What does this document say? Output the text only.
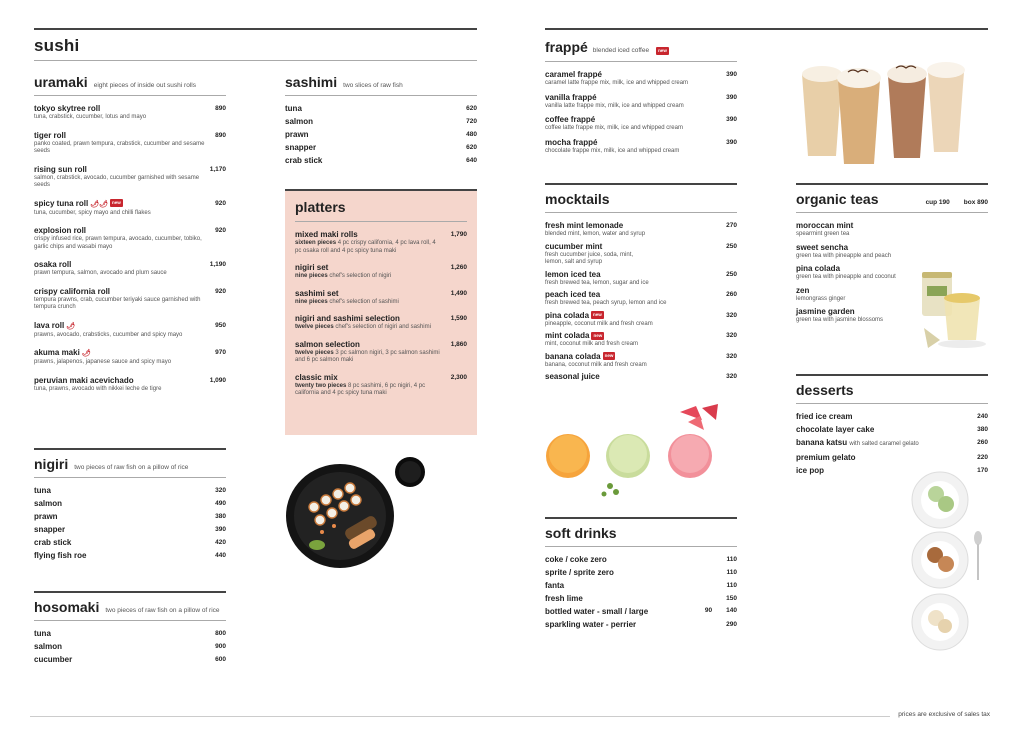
sushi
uramaki eight pieces of inside out sushi rolls
tokyo skytree roll
tuna, crabstick, cucumber, lotus and mayo
890
tiger roll
panko coated, prawn tempura, crabstick, cucumber and sesame seeds
890
rising sun roll
salmon, crabstick, avocado, cucumber garnished with sesame seeds
1,170
spicy tuna roll 🌶🌶 new
tuna, cucumber, spicy mayo and chilli flakes
920
explosion roll
crispy infused rice, prawn tempura, avocado, cucumber, tobiko, garlic chips and wasabi mayo
920
osaka roll
prawn tempura, salmon, avocado and plum sauce
1,190
crispy california roll
tempura prawns, crab, cucumber teriyaki sauce garnished with tempura crunch
920
lava roll 🌶
prawns, avocado, crabsticks, cucumber and spicy mayo
950
akuma maki 🌶
prawns, jalapenos, japanese sauce and spicy mayo
970
peruvian maki acevichado
tuna, prawns, avocado with nikkei leche de tigre
1,090
nigiri two pieces of raw fish on a pillow of rice
tuna	320
salmon	490
prawn	380
snapper	390
crab stick	420
flying fish roe	440
hosomaki two pieces of raw fish on a pillow of rice
tuna	800
salmon	900
cucumber	600
sashimi two slices of raw fish
tuna	620
salmon	720
prawn	480
snapper	620
crab stick	640
platters
mixed maki rolls
sixteen pieces 4 pc crispy california, 4 pc lava roll, 4 pc osaka roll and 4 pc spicy tuna maki
1,790
nigiri set
nine pieces chef's selection of nigiri
1,260
sashimi set
nine pieces chef's selection of sashimi
1,490
nigiri and sashimi selection
twelve pieces chef's selection of nigiri and sashimi
1,590
salmon selection
twelve pieces 3 pc salmon nigiri, 3 pc salmon sashimi and 6 pc salmon maki
1,860
classic mix
twenty two pieces 8 pc sashimi, 6 pc nigiri, 4 pc california and 4 pc spicy tuna maki
2,300
frappé blended iced coffee	new
caramel frappé
caramel latte frappe mix, milk, ice and whipped cream
390
vanilla frappé
vanilla latte frappe mix, milk, ice and whipped cream
390
coffee frappé
coffee latte frappe mix, milk, ice and whipped cream
390
mocha frappé
chocolate frappe mix, milk, ice and whipped cream
390
mocktails
fresh mint lemonade
blended mint, lemon, water and syrup
270
cucumber mint
fresh cucumber juice, soda, mint, lemon, salt and syrup
250
lemon iced tea
fresh brewed tea, lemon, sugar and ice
250
peach iced tea
fresh brewed tea, peach syrup, lemon and ice
260
pina colada new
pineapple, coconut milk and fresh cream
320
mint colada new
mint, coconut milk and fresh cream
320
banana colada new
banana, coconut milk and fresh cream
320
seasonal juice	320
soft drinks
coke / coke zero	110
sprite / sprite zero	110
fanta	110
fresh lime	150
bottled water - small / large	90 140
sparkling water - perrier	290
organic teas	cup 190 box 890
moroccan mint
spearmint green tea
sweet sencha
green tea with pineapple and peach
pina colada
green tea with pineapple and coconut
zen
lemongrass ginger
jasmine garden
green tea with jasmine blossoms
desserts
fried ice cream	240
chocolate layer cake	380
banana katsu with salted caramel gelato	260
premium gelato	220
ice pop	170
prices are exclusive of sales tax
